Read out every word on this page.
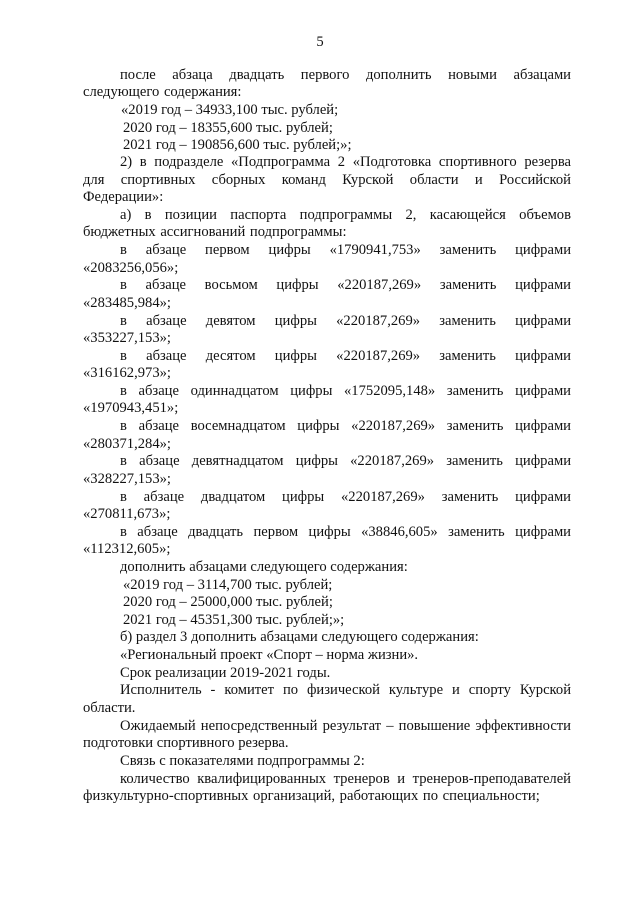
5

после абзаца двадцать первого дополнить новыми абзацами следующего содержания:

«2019 год – 34933,100 тыс. рублей;

2020 год – 18355,600 тыс. рублей;

2021 год – 190856,600 тыс. рублей;»;

2) в подразделе «Подпрограмма 2 «Подготовка спортивного резерва для спортивных сборных команд Курской области и Российской Федерации»:

а) в позиции паспорта подпрограммы 2, касающейся объемов бюджетных ассигнований подпрограммы:

в абзаце первом цифры «1790941,753» заменить цифрами

«2083256,056»;

в абзаце восьмом цифры «220187,269» заменить цифрами

«283485,984»;

в абзаце девятом цифры «220187,269» заменить цифрами

«353227,153»;

в абзаце десятом цифры «220187,269» заменить цифрами

«316162,973»;

в абзаце одиннадцатом цифры «1752095,148» заменить цифрами

«1970943,451»;

в абзаце восемнадцатом цифры «220187,269» заменить цифрами

«280371,284»;

в абзаце девятнадцатом цифры «220187,269» заменить цифрами

«328227,153»;

в абзаце двадцатом цифры «220187,269» заменить цифрами

«270811,673»;

в абзаце двадцать первом цифры «38846,605» заменить цифрами

«112312,605»;

дополнить абзацами следующего содержания:

«2019 год – 3114,700 тыс. рублей;

2020 год – 25000,000 тыс. рублей;

2021 год – 45351,300 тыс. рублей;»;

б) раздел 3 дополнить абзацами следующего содержания:

«Региональный проект «Спорт – норма жизни».

Срок реализации 2019-2021 годы.

Исполнитель - комитет по физической культуре и спорту Курской области.

Ожидаемый непосредственный результат – повышение эффективности подготовки спортивного резерва.

Связь с показателями подпрограммы 2:

количество квалифицированных тренеров и тренеров-преподавателей физкультурно-спортивных организаций, работающих по специальности;
